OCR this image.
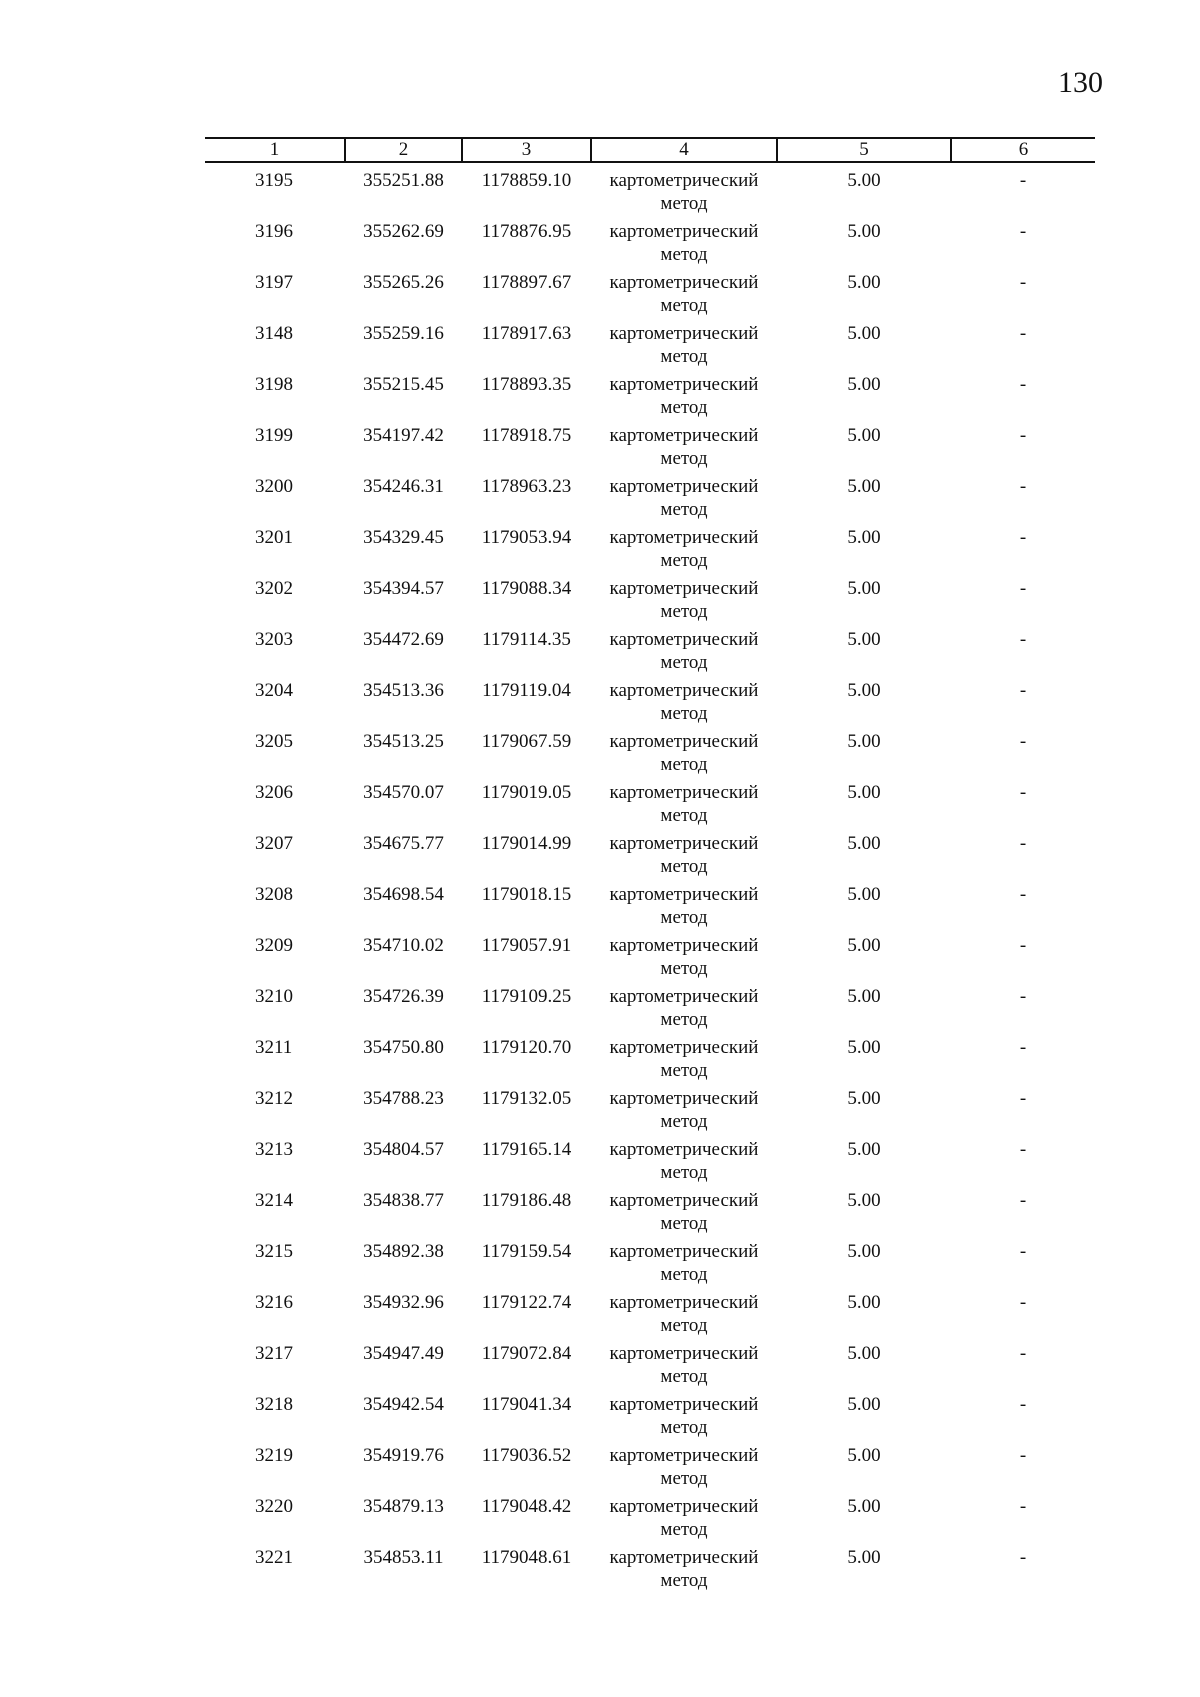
130
1	2	3	4	5	6
3195	355251.88	1178859.10	картометрический
метод	5.00	-
3196	355262.69	1178876.95	картометрический
метод	5.00	-
3197	355265.26	1178897.67	картометрический
метод	5.00	-
3148	355259.16	1178917.63	картометрический
метод	5.00	-
3198	355215.45	1178893.35	картометрический
метод	5.00	-
3199	354197.42	1178918.75	картометрический
метод	5.00	-
3200	354246.31	1178963.23	картометрический
метод	5.00	-
3201	354329.45	1179053.94	картометрический
метод	5.00	-
3202	354394.57	1179088.34	картометрический
метод	5.00	-
3203	354472.69	1179114.35	картометрический
метод	5.00	-
3204	354513.36	1179119.04	картометрический
метод	5.00	-
3205	354513.25	1179067.59	картометрический
метод	5.00	-
3206	354570.07	1179019.05	картометрический
метод	5.00	-
3207	354675.77	1179014.99	картометрический
метод	5.00	-
3208	354698.54	1179018.15	картометрический
метод	5.00	-
3209	354710.02	1179057.91	картометрический
метод	5.00	-
3210	354726.39	1179109.25	картометрический
метод	5.00	-
3211	354750.80	1179120.70	картометрический
метод	5.00	-
3212	354788.23	1179132.05	картометрический
метод	5.00	-
3213	354804.57	1179165.14	картометрический
метод	5.00	-
3214	354838.77	1179186.48	картометрический
метод	5.00	-
3215	354892.38	1179159.54	картометрический
метод	5.00	-
3216	354932.96	1179122.74	картометрический
метод	5.00	-
3217	354947.49	1179072.84	картометрический
метод	5.00	-
3218	354942.54	1179041.34	картометрический
метод	5.00	-
3219	354919.76	1179036.52	картометрический
метод	5.00	-
3220	354879.13	1179048.42	картометрический
метод	5.00	-
3221	354853.11	1179048.61	картометрический
метод	5.00	-
